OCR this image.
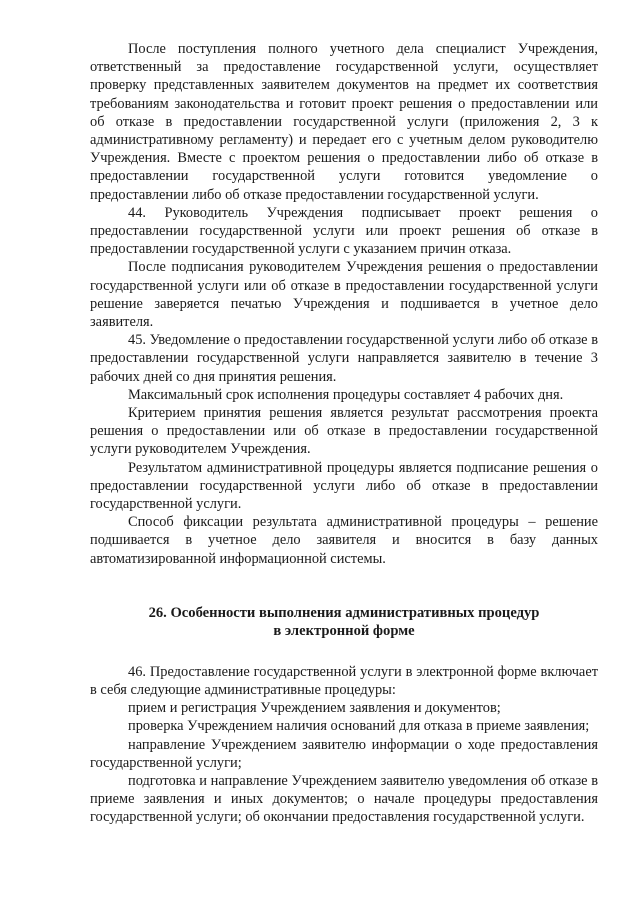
После поступления полного учетного дела специалист Учреждения, ответственный за предоставление государственной услуги, осуществляет проверку представленных заявителем документов на предмет их соответствия требованиям законодательства и готовит проект решения о предоставлении или об отказе в предоставлении государственной услуги (приложения 2, 3 к административному регламенту) и передает его с учетным делом руководителю Учреждения. Вместе с проектом решения о предоставлении либо об отказе в предоставлении государственной услуги готовится уведомление о предоставлении либо об отказе предоставлении государственной услуги.

44. Руководитель Учреждения подписывает проект решения о предоставлении государственной услуги или проект решения об отказе в предоставлении государственной услуги с указанием причин отказа.

После подписания руководителем Учреждения решения о предоставлении государственной услуги или об отказе в предоставлении государственной услуги решение заверяется печатью Учреждения и подшивается в учетное дело заявителя.

45. Уведомление о предоставлении государственной услуги либо об отказе в предоставлении государственной услуги направляется заявителю в течение 3 рабочих дней со дня принятия решения.

Максимальный срок исполнения процедуры составляет 4 рабочих дня.

Критерием принятия решения является результат рассмотрения проекта решения о предоставлении или об отказе в предоставлении государственной услуги руководителем Учреждения.

Результатом административной процедуры является подписание решения о предоставлении государственной услуги либо об отказе в предоставлении государственной услуги.

Способ фиксации результата административной процедуры – решение подшивается в учетное дело заявителя и вносится в базу данных автоматизированной информационной системы.

26. Особенности выполнения административных процедур
в электронной форме

46. Предоставление государственной услуги в электронной форме включает в себя следующие административные процедуры:

прием и регистрация Учреждением заявления и документов;

проверка Учреждением наличия оснований для отказа в приеме заявления;

направление Учреждением заявителю информации о ходе предоставления государственной услуги;

подготовка и направление Учреждением заявителю уведомления об отказе в приеме заявления и иных документов; о начале процедуры предоставления государственной услуги; об окончании предоставления государственной услуги.
